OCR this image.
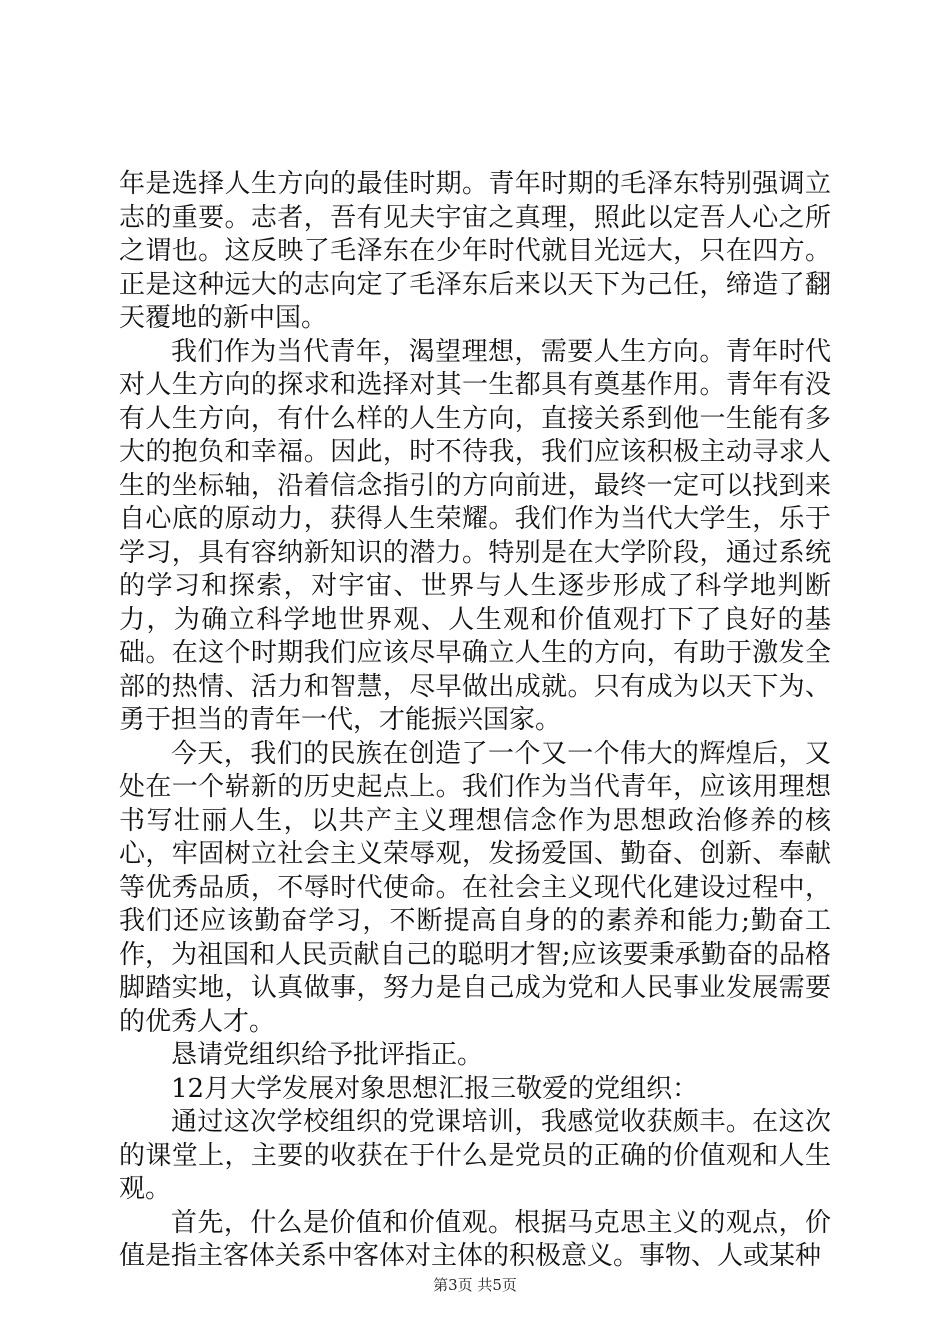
年是选择人生方向的最佳时期。青年时期的毛泽东特别强调立志的重要。志者，吾有见夫宇宙之真理，照此以定吾人心之所之谓也。这反映了毛泽东在少年时代就目光远大，只在四方。正是这种远大的志向定了毛泽东后来以天下为己任，缔造了翻天覆地的新中国。

我们作为当代青年，渴望理想，需要人生方向。青年时代对人生方向的探求和选择对其一生都具有奠基作用。青年有没有人生方向，有什么样的人生方向，直接关系到他一生能有多大的抱负和幸福。因此，时不待我，我们应该积极主动寻求人生的坐标轴，沿着信念指引的方向前进，最终一定可以找到来自心底的原动力，获得人生荣耀。我们作为当代大学生，乐于学习，具有容纳新知识的潜力。特别是在大学阶段，通过系统的学习和探索，对宇宙、世界与人生逐步形成了科学地判断力，为确立科学地世界观、人生观和价值观打下了良好的基础。在这个时期我们应该尽早确立人生的方向，有助于激发全部的热情、活力和智慧，尽早做出成就。只有成为以天下为、勇于担当的青年一代，才能振兴国家。

今天，我们的民族在创造了一个又一个伟大的辉煌后，又处在一个崭新的历史起点上。我们作为当代青年，应该用理想书写壮丽人生，以共产主义理想信念作为思想政治修养的核心，牢固树立社会主义荣辱观，发扬爱国、勤奋、创新、奉献等优秀品质，不辱时代使命。在社会主义现代化建设过程中，我们还应该勤奋学习，不断提高自身的的素养和能力;勤奋工作，为祖国和人民贡献自己的聪明才智;应该要秉承勤奋的品格脚踏实地，认真做事，努力是自己成为党和人民事业发展需要的优秀人才。

恳请党组织给予批评指正。

12月大学发展对象思想汇报三敬爱的党组织：

通过这次学校组织的党课培训，我感觉收获颇丰。在这次的课堂上，主要的收获在于什么是党员的正确的价值观和人生观。

首先，什么是价值和价值观。根据马克思主义的观点，价值是指主客体关系中客体对主体的积极意义。事物、人或某种

第3页 共5页
